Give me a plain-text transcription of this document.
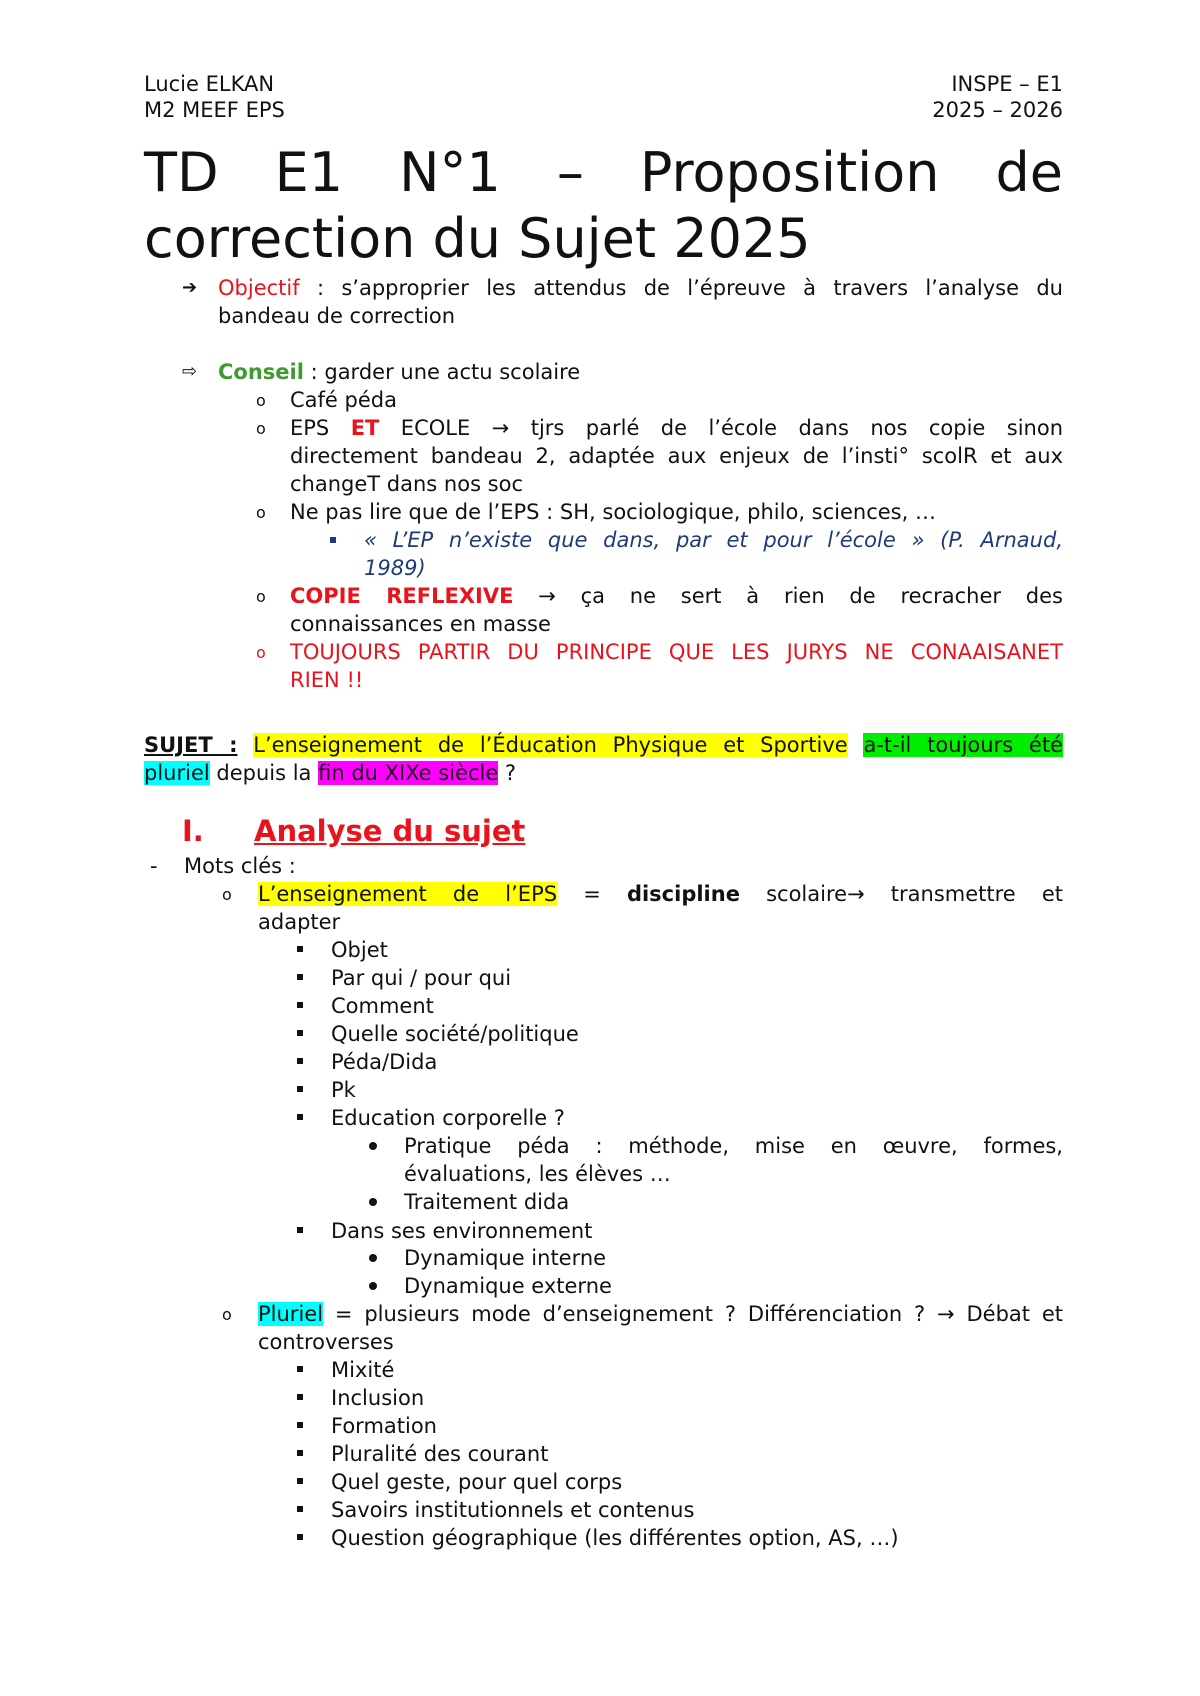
Lucie ELKAN
M2 MEEF EPS
INSPE – E1
2025 – 2026
TD E1 N°1 – Proposition de
correction du Sujet 2025
➔ Objectif : s’approprier les attendus de l’épreuve à travers l’analyse du
bandeau de correction
⇨ Conseil : garder une actu scolaire
o Café péda
o EPS ET ECOLE → tjrs parlé de l’école dans nos copie sinon
directement bandeau 2, adaptée aux enjeux de l’insti° scolR et aux
changeT dans nos soc
o Ne pas lire que de l’EPS : SH, sociologique, philo, sciences, …
« L’EP n’existe que dans, par et pour l’école » (P. Arnaud,
1989)
o COPIE REFLEXIVE → ça ne sert à rien de recracher des
connaissances en masse
o TOUJOURS PARTIR DU PRINCIPE QUE LES JURYS NE CONAAISANET
RIEN !!
SUJET : L’enseignement de l’Éducation Physique et Sportive a-t-il toujours été
pluriel depuis la fin du XIXe siècle ?
I. Analyse du sujet
- Mots clés :
o L’enseignement de l’EPS = discipline scolaire→ transmettre et
adapter
Objet
Par qui / pour qui
Comment
Quelle société/politique
Péda/Dida
Pk
Education corporelle ?
Pratique péda : méthode, mise en œuvre, formes,
évaluations, les élèves …
Traitement dida
Dans ses environnement
Dynamique interne
Dynamique externe
o Pluriel = plusieurs mode d’enseignement ? Différenciation ? → Débat et
controverses
Mixité
Inclusion
Formation
Pluralité des courant
Quel geste, pour quel corps
Savoirs institutionnels et contenus
Question géographique (les différentes option, AS, …)
